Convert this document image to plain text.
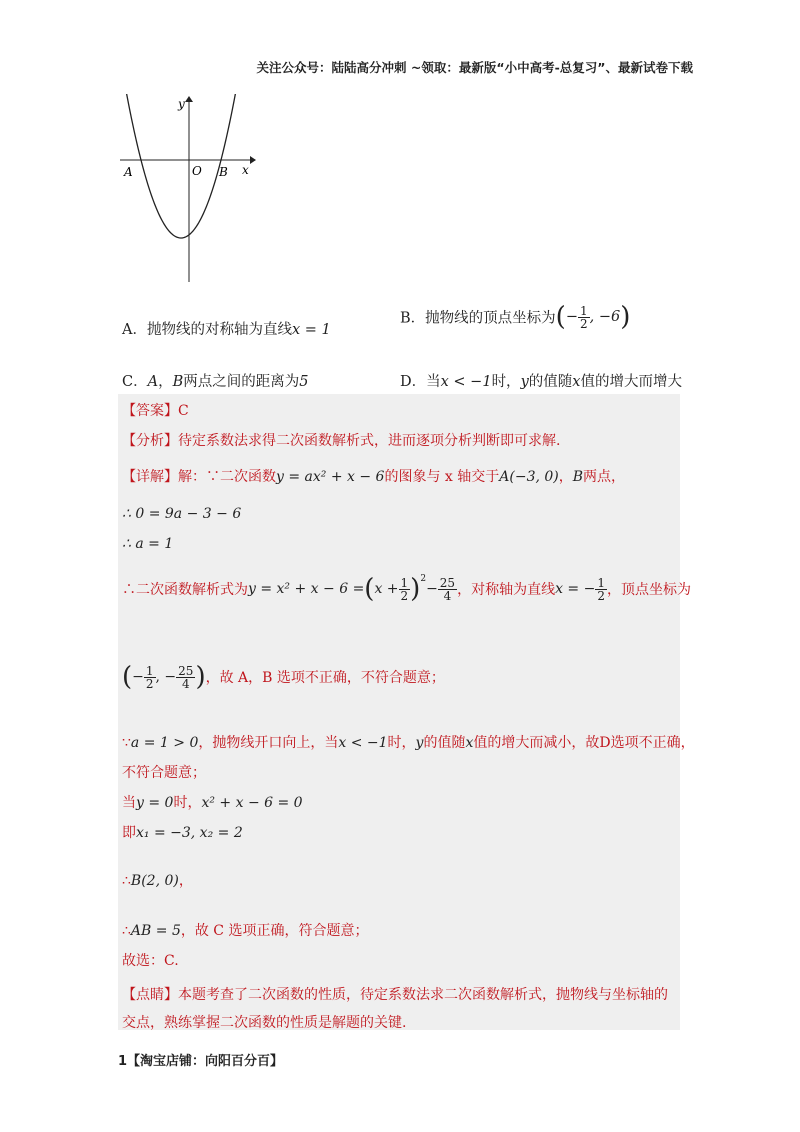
关注公众号：陆陆高分冲刺 ~领取：最新版“小中高考-总复习”、最新试卷下载
y
x
A	O B
A．抛物线的对称轴为直线x = 1
B．抛物线的顶点坐标为(− $\frac{1}{2}$ , −6)
C．A，B两点之间的距离为5	D．当x < −1时，y的值随x值的增大而增大
【答案】C
【分析】待定系数法求得二次函数解析式，进而逐项分析判断即可求解.
【详解】解：∵二次函数y = ax² + x − 6的图象与 x 轴交于A(−3, 0)，B两点，
∴ 0 = 9a − 3 − 6
∴ a = 1
∴二次函数解析式为$y = x^2 + x - 6 =(x + \frac{1}{2} )^2- \frac{25}{4}$ ，对称轴为直线x = − $\frac{1}{2}$ ，顶点坐标为
(− $\frac{1}{2}$ , − $\frac{25}{4}$ )，故 A，B 选项不正确，不符合题意；
∵a = 1 > 0，抛物线开口向上，当x < −1时，y的值随x值的增大而减小，故D选项不正确，
不符合题意；
当y = 0时，x² + x − 6 = 0
即x₁ = −3, x₂ = 2
∴B(2, 0)，
∴AB = 5，故 C 选项正确，符合题意；
故选：C.
【点睛】本题考查了二次函数的性质，待定系数法求二次函数解析式，抛物线与坐标轴的
交点，熟练掌握二次函数的性质是解题的关键.
1【淘宝店铺：向阳百分百】
